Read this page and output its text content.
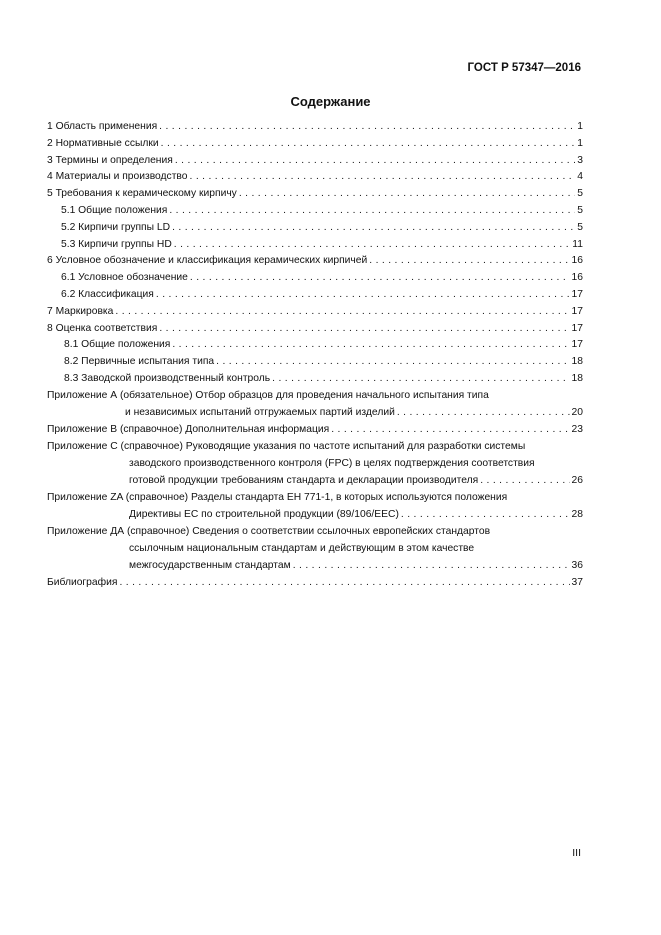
ГОСТ Р 57347—2016
Содержание
1 Область применения . . .	1
2 Нормативные ссылки . . .	1
3 Термины и определения . . .	3
4 Материалы и производство . . .	4
5 Требования к керамическому кирпичу . . .	5
5.1 Общие положения . . .	5
5.2 Кирпичи группы LD . . .	5
5.3 Кирпичи группы HD . . .	11
6 Условное обозначение и классификация керамических кирпичей . . .	16
6.1 Условное обозначение . . .	16
6.2 Классификация . . .	17
7 Маркировка . . .	17
8 Оценка соответствия . . .	17
8.1 Общие положения . . .	17
8.2 Первичные испытания типа . . .	18
8.3 Заводской производственный контроль . . .	18
Приложение А (обязательное) Отбор образцов для проведения начального испытания типа
и независимых испытаний отгружаемых партий изделий . . .	20
Приложение В (справочное) Дополнительная информация . . .	23
Приложение С (справочное) Руководящие указания по частоте испытаний для разработки системы
заводского производственного контроля (FPC) в целях подтверждения соответствия
готовой продукции требованиям стандарта и декларации производителя . . .	26
Приложение ZA (справочное) Разделы стандарта ЕН 771-1, в которых используются положения
Директивы ЕС по строительной продукции (89/106/EEC) . . .	28
Приложение ДА (справочное) Сведения о соответствии ссылочных европейских стандартов
ссылочным национальным стандартам и действующим в этом качестве
межгосударственным стандартам . . .	36
Библиография . . .	37
III
